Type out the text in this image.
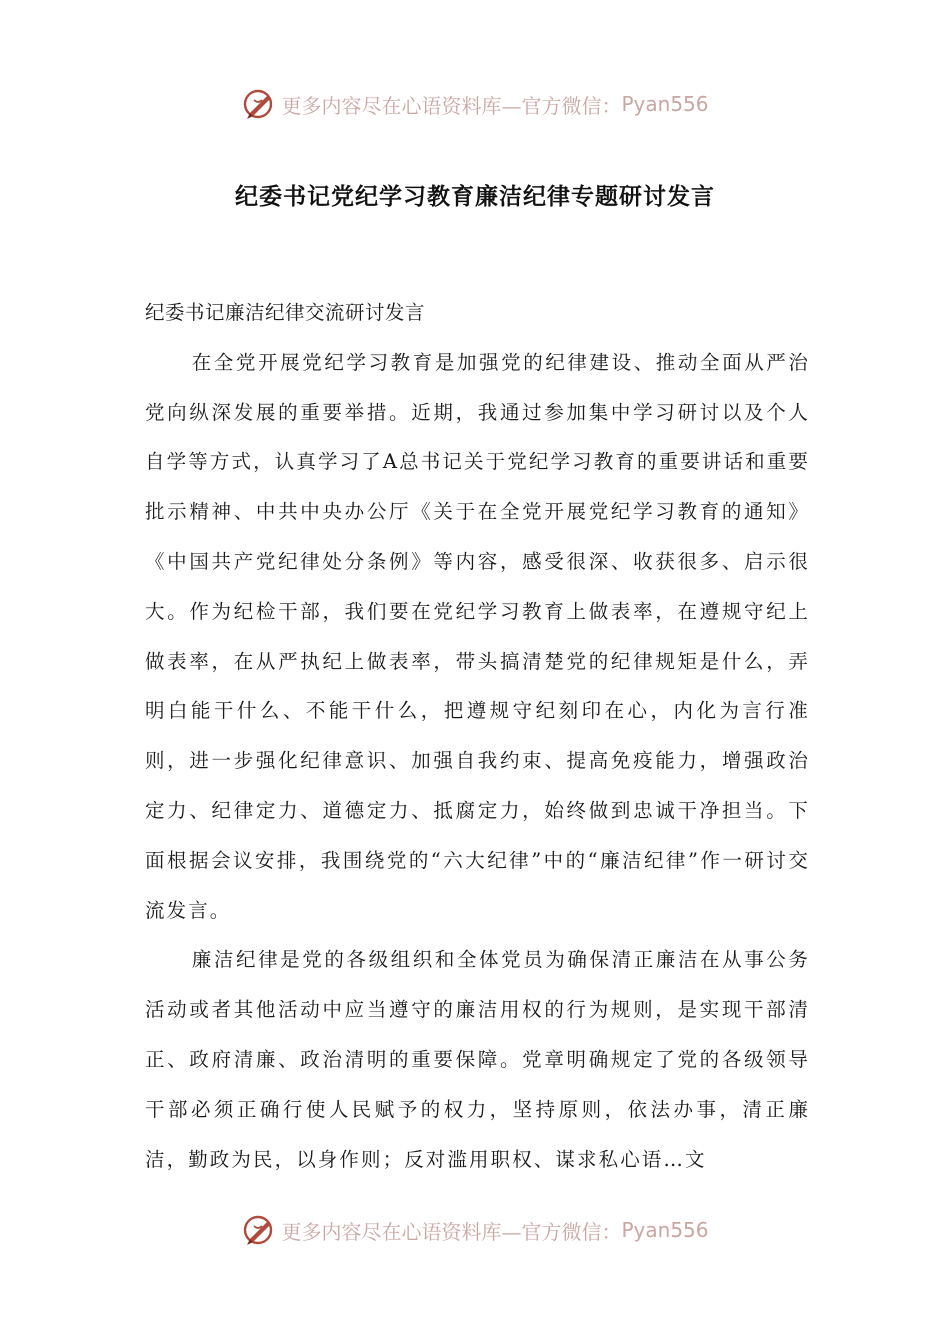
更多内容尽在心语资料库—官方微信： Pyan556
纪委书记党纪学习教育廉洁纪律专题研讨发言

纪委书记廉洁纪律交流研讨发言

在全党开展党纪学习教育是加强党的纪律建设、推动全面从严治党向纵深发展的重要举措。近期，我通过参加集中学习研讨以及个人自学等方式，认真学习了A总书记关于党纪学习教育的重要讲话和重要批示精神、中共中央办公厅《关于在全党开展党纪学习教育的通知》《中国共产党纪律处分条例》等内容，感受很深、收获很多、启示很大。作为纪检干部，我们要在党纪学习教育上做表率，在遵规守纪上做表率，在从严执纪上做表率，带头搞清楚党的纪律规矩是什么，弄明白能干什么、不能干什么，把遵规守纪刻印在心，内化为言行准则，进一步强化纪律意识、加强自我约束、提高免疫能力，增强政治定力、纪律定力、道德定力、抵腐定力，始终做到忠诚干净担当。下面根据会议安排，我围绕党的“六大纪律”中的“廉洁纪律”作一研讨交流发言。

廉洁纪律是党的各级组织和全体党员为确保清正廉洁在从事公务活动或者其他活动中应当遵守的廉洁用权的行为规则，是实现干部清正、政府清廉、政治清明的重要保障。党章明确规定了党的各级领导干部必须正确行使人民赋予的权力，坚持原则，依法办事，清正廉洁，勤政为民，以身作则；反对滥用职权、谋求私心语…文

更多内容尽在心语资料库—官方微信： Pyan556
